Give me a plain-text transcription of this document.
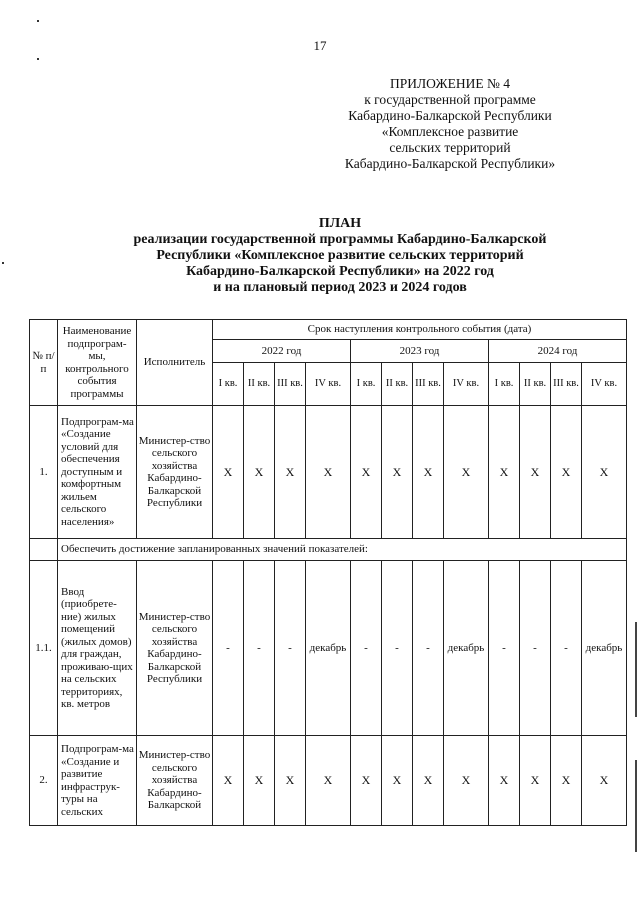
17
ПРИЛОЖЕНИЕ № 4
к государственной программе
Кабардино-Балкарской Республики
«Комплексное развитие
сельских территорий
Кабардино-Балкарской Республики»
ПЛАН
реализации государственной программы Кабардино-Балкарской
Республики «Комплексное развитие сельских территорий
Кабардино-Балкарской Республики» на 2022 год
и на плановый период 2023 и 2024 годов
№ п/п	Наименование подпрограм-мы, контрольного события программы	Исполнитель	Срок наступления контрольного события (дата)											
			2022 год				2023 год				2024 год			
			I кв.	II кв.	III кв.	IV кв.	I кв.	II кв.	III кв.	IV кв.	I кв.	II кв.	III кв.	IV кв.
1.	Подпрограм-ма «Создание условий для обеспечения доступным и комфортным жильем сельского населения»	Министер-ство сельского хозяйства Кабардино-Балкарской Республики	X	X	X	X	X	X	X	X	X	X	X	X
	Обеспечить достижение запланированных значений показателей:													
1.1.	Ввод (приобрете-ние) жилых помещений (жилых домов) для граждан, проживаю-щих на сельских территориях, кв. метров	Министер-ство сельского хозяйства Кабардино-Балкарской Республики	-	-	-	декабрь	-	-	-	декабрь	-	-	-	декабрь
2.	Подпрограм-ма «Создание и развитие инфраструк-туры на сельских	Министер-ство сельского хозяйства Кабардино-Балкарской	X	X	X	X	X	X	X	X	X	X	X	X
